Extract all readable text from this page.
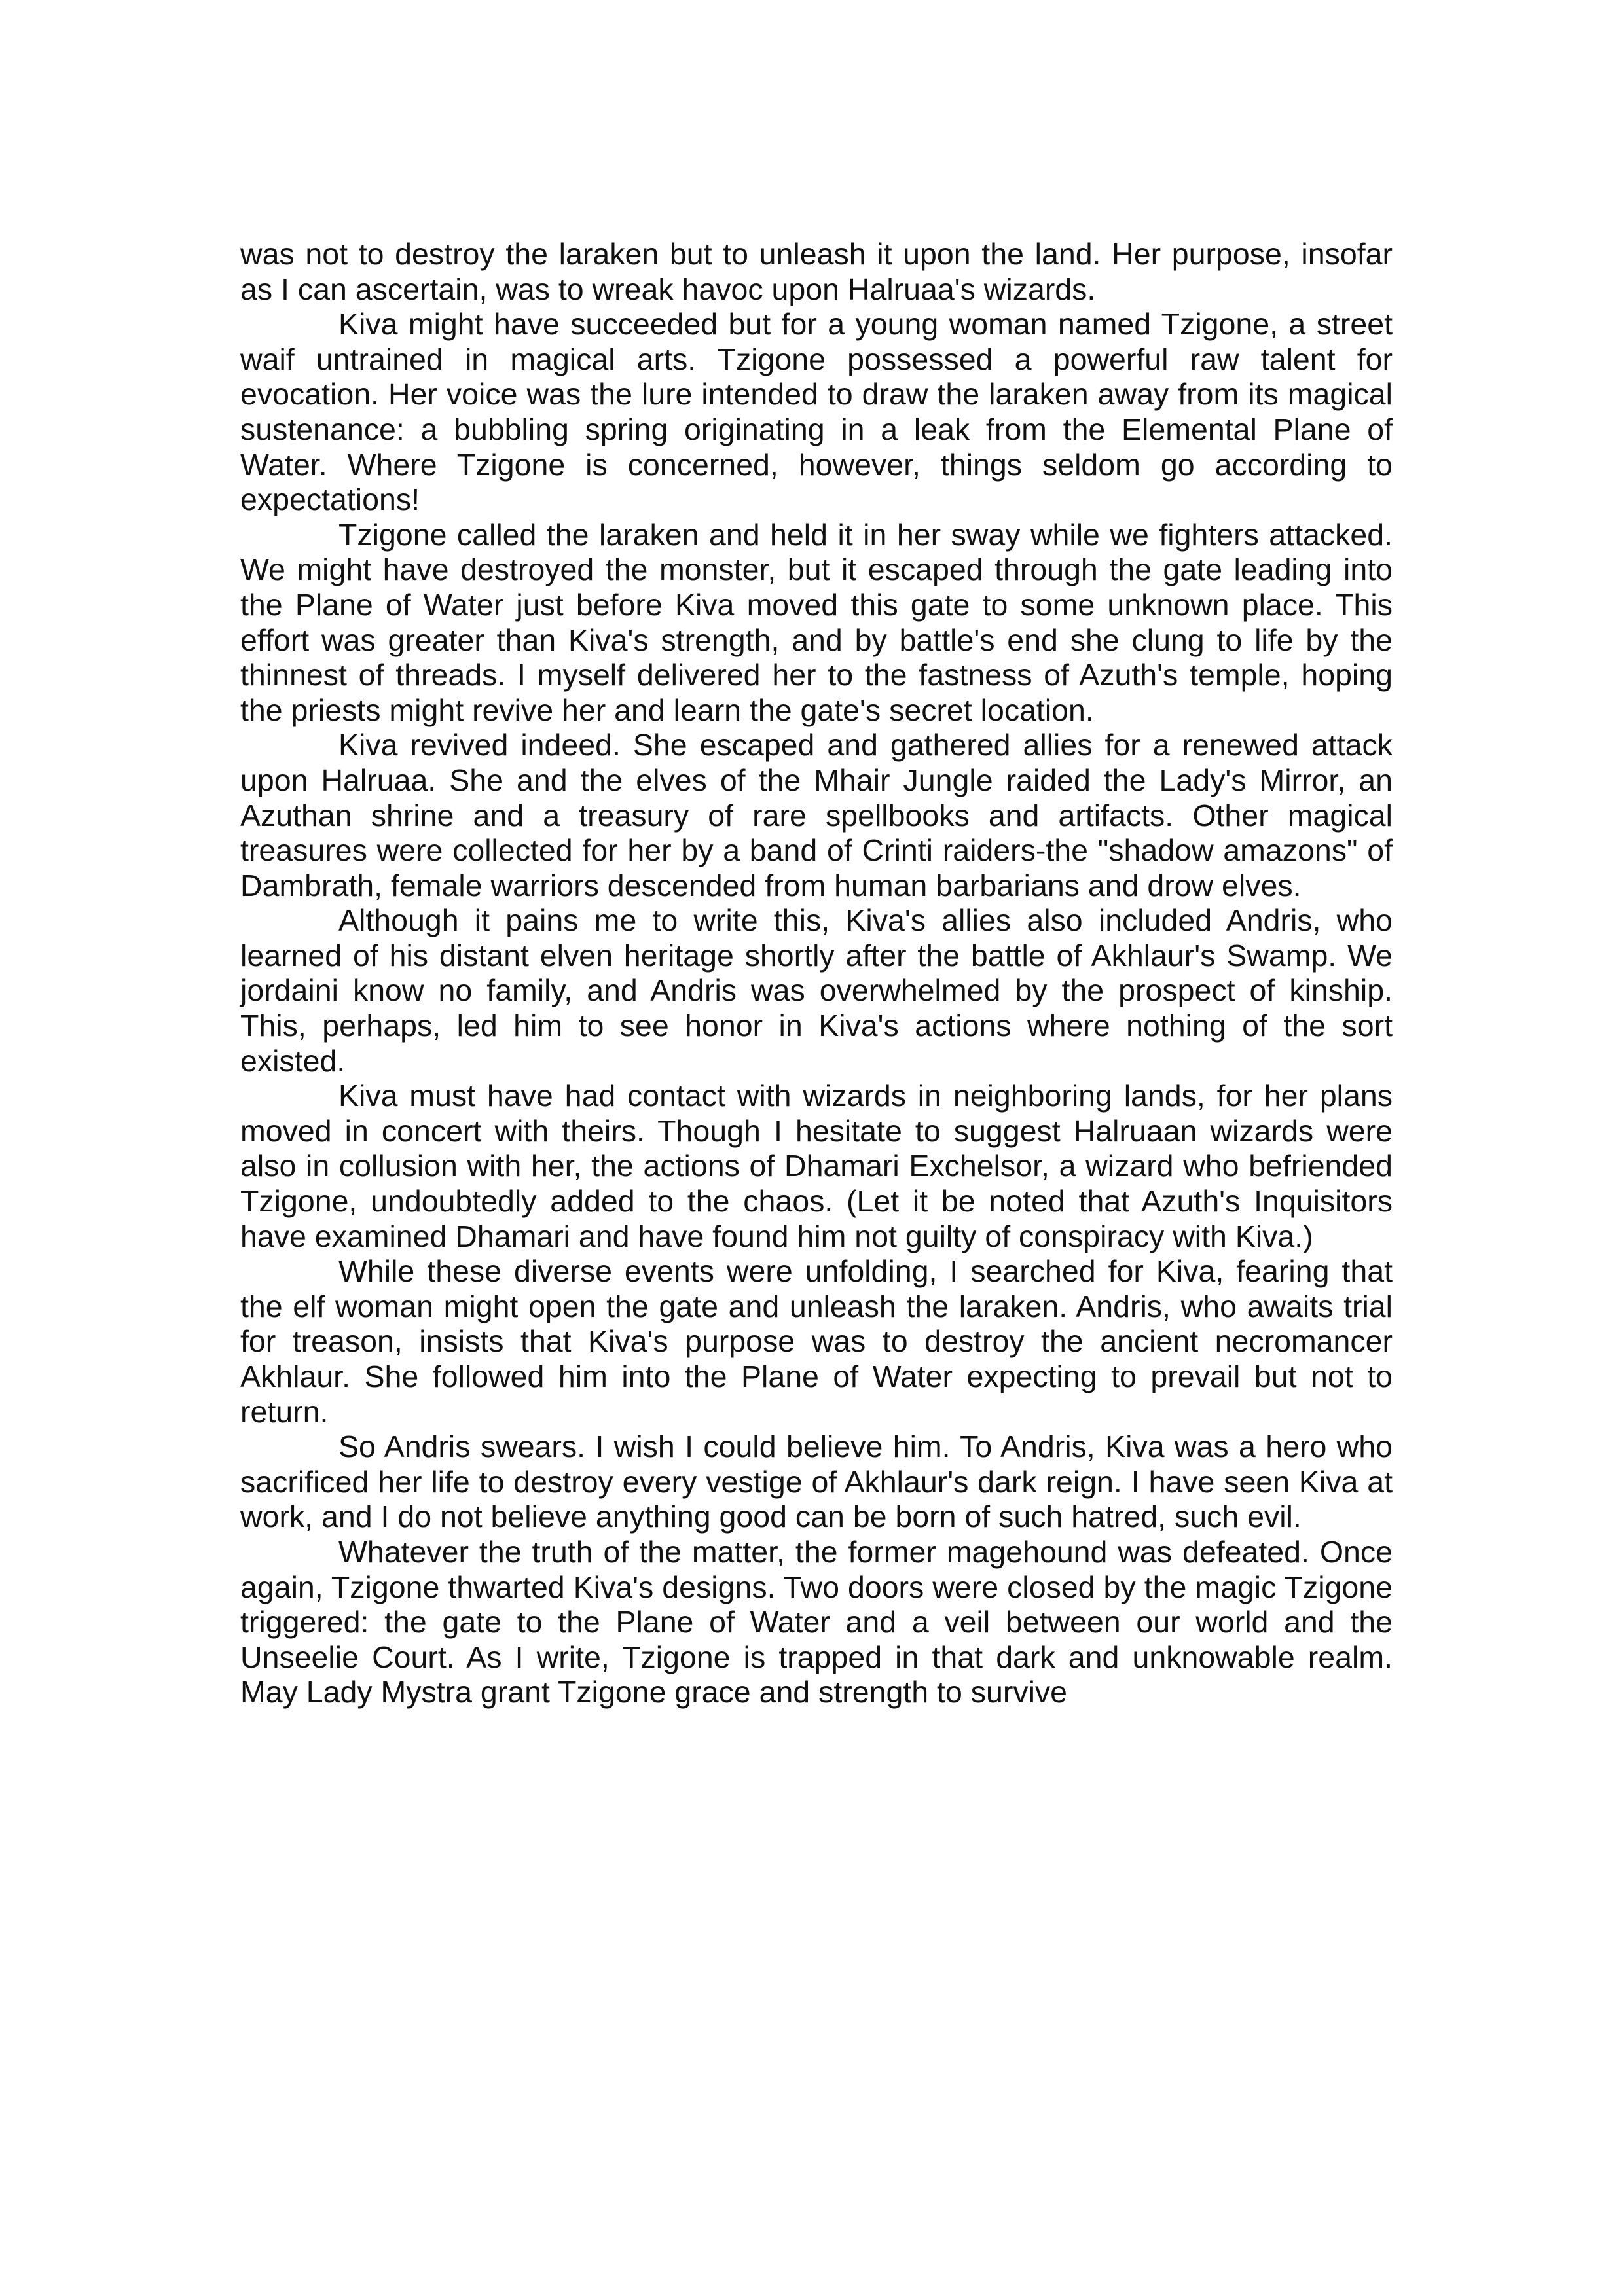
was not to destroy the laraken but to unleash it upon the land. Her purpose, insofar as I can ascertain, was to wreak havoc upon Halruaa's wizards.

Kiva might have succeeded but for a young woman named Tzigone, a street waif untrained in magical arts. Tzigone possessed a powerful raw talent for evocation. Her voice was the lure intended to draw the laraken away from its magical sustenance: a bubbling spring originating in a leak from the Elemental Plane of Water. Where Tzigone is concerned, however, things seldom go according to expectations!

Tzigone called the laraken and held it in her sway while we fighters attacked. We might have destroyed the monster, but it escaped through the gate leading into the Plane of Water just before Kiva moved this gate to some unknown place. This effort was greater than Kiva's strength, and by battle's end she clung to life by the thinnest of threads. I myself delivered her to the fastness of Azuth's temple, hoping the priests might revive her and learn the gate's secret location.

Kiva revived indeed. She escaped and gathered allies for a renewed attack upon Halruaa. She and the elves of the Mhair Jungle raided the Lady's Mirror, an Azuthan shrine and a treasury of rare spellbooks and artifacts. Other magical treasures were collected for her by a band of Crinti raiders-the "shadow amazons" of Dambrath, female warriors descended from human barbarians and drow elves.

Although it pains me to write this, Kiva's allies also included Andris, who learned of his distant elven heritage shortly after the battle of Akhlaur's Swamp. We jordaini know no family, and Andris was overwhelmed by the prospect of kinship. This, perhaps, led him to see honor in Kiva's actions where nothing of the sort existed.

Kiva must have had contact with wizards in neighboring lands, for her plans moved in concert with theirs. Though I hesitate to suggest Halruaan wizards were also in collusion with her, the actions of Dhamari Exchelsor, a wizard who befriended Tzigone, undoubtedly added to the chaos. (Let it be noted that Azuth's Inquisitors have examined Dhamari and have found him not guilty of conspiracy with Kiva.)

While these diverse events were unfolding, I searched for Kiva, fearing that the elf woman might open the gate and unleash the laraken. Andris, who awaits trial for treason, insists that Kiva's purpose was to destroy the ancient necromancer Akhlaur. She followed him into the Plane of Water expecting to prevail but not to return.

So Andris swears. I wish I could believe him. To Andris, Kiva was a hero who sacrificed her life to destroy every vestige of Akhlaur's dark reign. I have seen Kiva at work, and I do not believe anything good can be born of such hatred, such evil.

Whatever the truth of the matter, the former magehound was defeated. Once again, Tzigone thwarted Kiva's designs. Two doors were closed by the magic Tzigone triggered: the gate to the Plane of Water and a veil between our world and the Unseelie Court. As I write, Tzigone is trapped in that dark and unknowable realm. May Lady Mystra grant Tzigone grace and strength to survive
